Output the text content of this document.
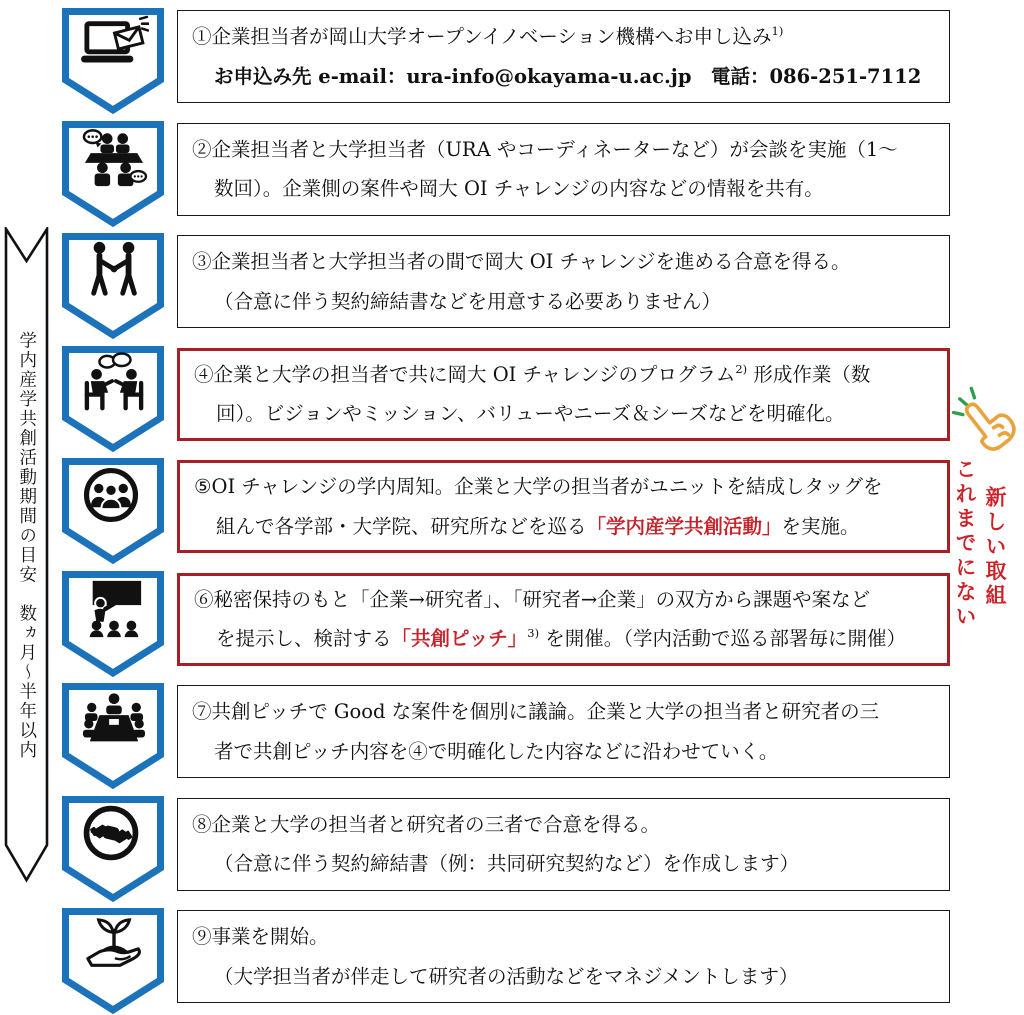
学内産学共創活動期間の目安　数ヵ月～半年以内
①企業担当者が岡山大学オープンイノベーション機構へお申し込み$^{1)}$
お申込み先 e-mail：ura-info@okayama-u.ac.jp　電話：086-251-7112
②企業担当者と大学担当者（URA やコーディネーターなど）が会談を実施（1～
数回）。企業側の案件や岡大 OI チャレンジの内容などの情報を共有。
③企業担当者と大学担当者の間で岡大 OI チャレンジを進める合意を得る。
（合意に伴う契約締結書などを用意する必要ありません）
④企業と大学の担当者で共に岡大 OI チャレンジのプログラム$^{2)}$ 形成作業（数
回）。ビジョンやミッション、バリューやニーズ＆シーズなどを明確化。
⑤OI チャレンジの学内周知。企業と大学の担当者がユニットを結成しタッグを
組んで各学部・大学院、研究所などを巡る「学内産学共創活動」を実施。
⑥秘密保持のもと「企業→研究者」、「研究者→企業」の双方から課題や案など
を提示し、検討する「共創ピッチ」$^{3)}$ を開催。（学内活動で巡る部署毎に開催）
⑦共創ピッチで Good な案件を個別に議論。企業と大学の担当者と研究者の三
者で共創ピッチ内容を④で明確化した内容などに沿わせていく。
⑧企業と大学の担当者と研究者の三者で合意を得る。
（合意に伴う契約締結書（例：共同研究契約など）を作成します）
⑨事業を開始。
（大学担当者が伴走して研究者の活動などをマネジメントします）
新しい取組
これまでにない
